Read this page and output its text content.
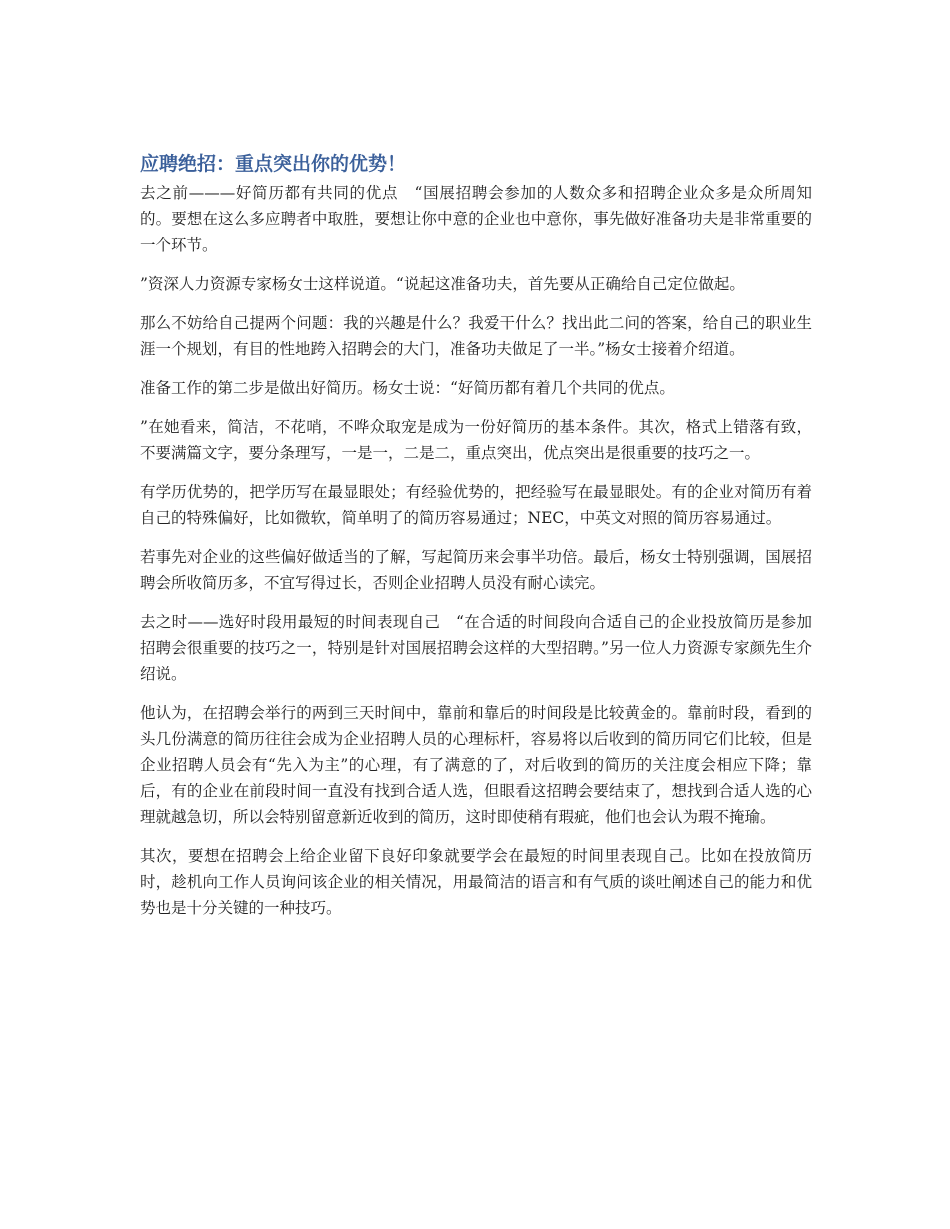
应聘绝招：重点突出你的优势！

去之前———好简历都有共同的优点　“国展招聘会参加的人数众多和招聘企业众多是众所周知的。要想在这么多应聘者中取胜，要想让你中意的企业也中意你，事先做好准备功夫是非常重要的一个环节。

”资深人力资源专家杨女士这样说道。“说起这准备功夫，首先要从正确给自己定位做起。

那么不妨给自己提两个问题：我的兴趣是什么？我爱干什么？找出此二问的答案，给自己的职业生涯一个规划，有目的性地跨入招聘会的大门，准备功夫做足了一半。”杨女士接着介绍道。

准备工作的第二步是做出好简历。杨女士说：“好简历都有着几个共同的优点。

”在她看来，简洁，不花哨，不哗众取宠是成为一份好简历的基本条件。其次，格式上错落有致，不要满篇文字，要分条理写，一是一，二是二，重点突出，优点突出是很重要的技巧之一。

有学历优势的，把学历写在最显眼处；有经验优势的，把经验写在最显眼处。有的企业对简历有着自己的特殊偏好，比如微软，简单明了的简历容易通过；NEC，中英文对照的简历容易通过。

若事先对企业的这些偏好做适当的了解，写起简历来会事半功倍。最后，杨女士特别强调，国展招聘会所收简历多，不宜写得过长，否则企业招聘人员没有耐心读完。

去之时——选好时段用最短的时间表现自己　“在合适的时间段向合适自己的企业投放简历是参加招聘会很重要的技巧之一，特别是针对国展招聘会这样的大型招聘。”另一位人力资源专家颜先生介绍说。

他认为，在招聘会举行的两到三天时间中，靠前和靠后的时间段是比较黄金的。靠前时段，看到的头几份满意的简历往往会成为企业招聘人员的心理标杆，容易将以后收到的简历同它们比较，但是企业招聘人员会有“先入为主”的心理，有了满意的了，对后收到的简历的关注度会相应下降；靠后，有的企业在前段时间一直没有找到合适人选，但眼看这招聘会要结束了，想找到合适人选的心理就越急切，所以会特别留意新近收到的简历，这时即使稍有瑕疵，他们也会认为瑕不掩瑜。

其次，要想在招聘会上给企业留下良好印象就要学会在最短的时间里表现自己。比如在投放简历时，趁机向工作人员询问该企业的相关情况，用最简洁的语言和有气质的谈吐阐述自己的能力和优势也是十分关键的一种技巧。
